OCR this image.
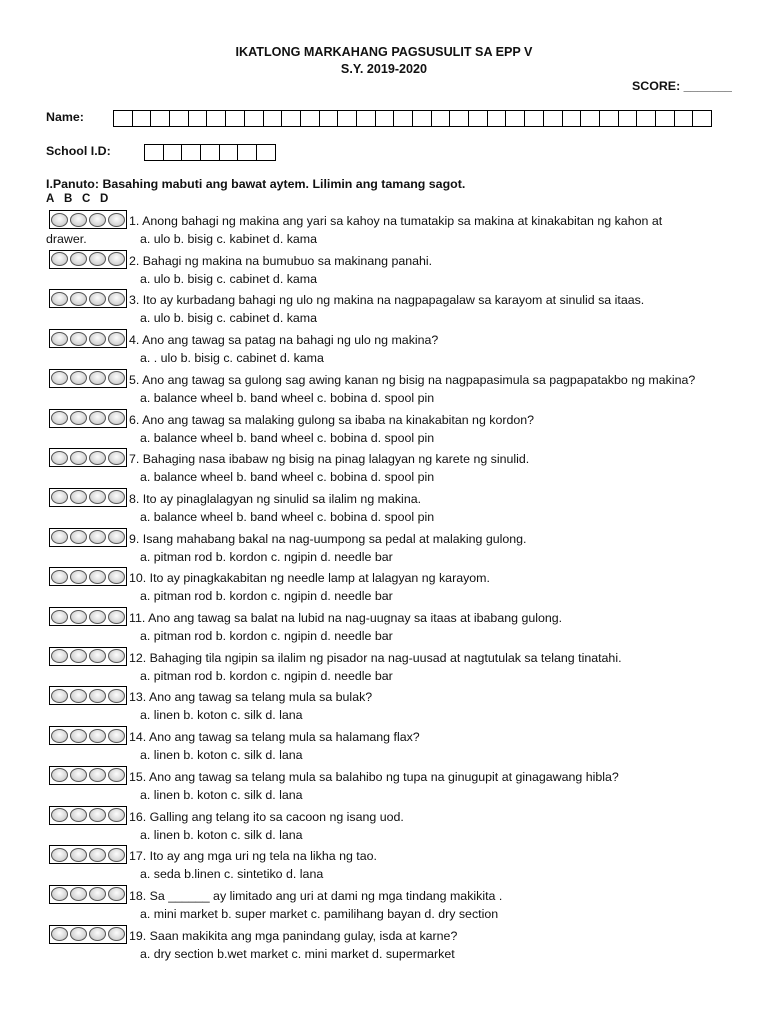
IKATLONG MARKAHANG PAGSUSULIT SA EPP V
S.Y. 2019-2020
SCORE: _______
Name:
School I.D:
I.Panuto: Basahing mabuti ang bawat aytem. Lilimin ang tamang sagot.
A B C D
1. Anong bahagi ng makina ang yari sa kahoy na tumatakip sa makina at kinakabitan ng kahon at
drawer.	a. ulo b. bisig c. kabinet d. kama
2. Bahagi ng makina na bumubuo sa makinang panahi.
a. ulo b. bisig c. cabinet d. kama
3. Ito ay kurbadang bahagi ng ulo ng makina na nagpapagalaw sa karayom at sinulid sa itaas.
a. ulo b. bisig c. cabinet d. kama
4. Ano ang tawag sa patag na bahagi ng ulo ng makina?
a. . ulo b. bisig c. cabinet d. kama
5. Ano ang tawag sa gulong sag awing kanan ng bisig na nagpapasimula sa pagpapatakbo ng makina?
a. balance wheel b. band wheel c. bobina d. spool pin
6. Ano ang tawag sa malaking gulong sa ibaba na kinakabitan ng kordon?
a. balance wheel b. band wheel c. bobina d. spool pin
7. Bahaging nasa ibabaw ng bisig na pinag lalagyan ng karete ng sinulid.
a. balance wheel b. band wheel c. bobina d. spool pin
8. Ito ay pinaglalagyan ng sinulid sa ilalim ng makina.
a. balance wheel b. band wheel c. bobina d. spool pin
9. Isang mahabang bakal na nag-uumpong sa pedal at malaking gulong.
a. pitman rod b. kordon c. ngipin d. needle bar
10. Ito ay pinagkakabitan ng needle lamp at lalagyan ng karayom.
a. pitman rod b. kordon c. ngipin d. needle bar
11. Ano ang tawag sa balat na lubid na nag-uugnay sa itaas at ibabang gulong.
a. pitman rod b. kordon c. ngipin d. needle bar
12. Bahaging tila ngipin sa ilalim ng pisador na nag-uusad at nagtutulak sa telang tinatahi.
a. pitman rod b. kordon c. ngipin d. needle bar
13. Ano ang tawag sa telang mula sa bulak?
a. linen b. koton c. silk d. lana
14. Ano ang tawag sa telang mula sa halamang flax?
a. linen b. koton c. silk d. lana
15. Ano ang tawag sa telang mula sa balahibo ng tupa na ginugupit at ginagawang hibla?
a. linen b. koton c. silk d. lana
16. Galling ang telang ito sa cacoon ng isang uod.
a. linen b. koton c. silk d. lana
17. Ito ay ang mga uri ng tela na likha ng tao.
a. seda b.linen c. sintetiko d. lana
18. Sa ______ ay limitado ang uri at dami ng mga tindang makikita .
a. mini market b. super market c. pamilihang bayan d. dry section
19. Saan makikita ang mga panindang gulay, isda at karne?
a. dry section b.wet market c. mini market d. supermarket
